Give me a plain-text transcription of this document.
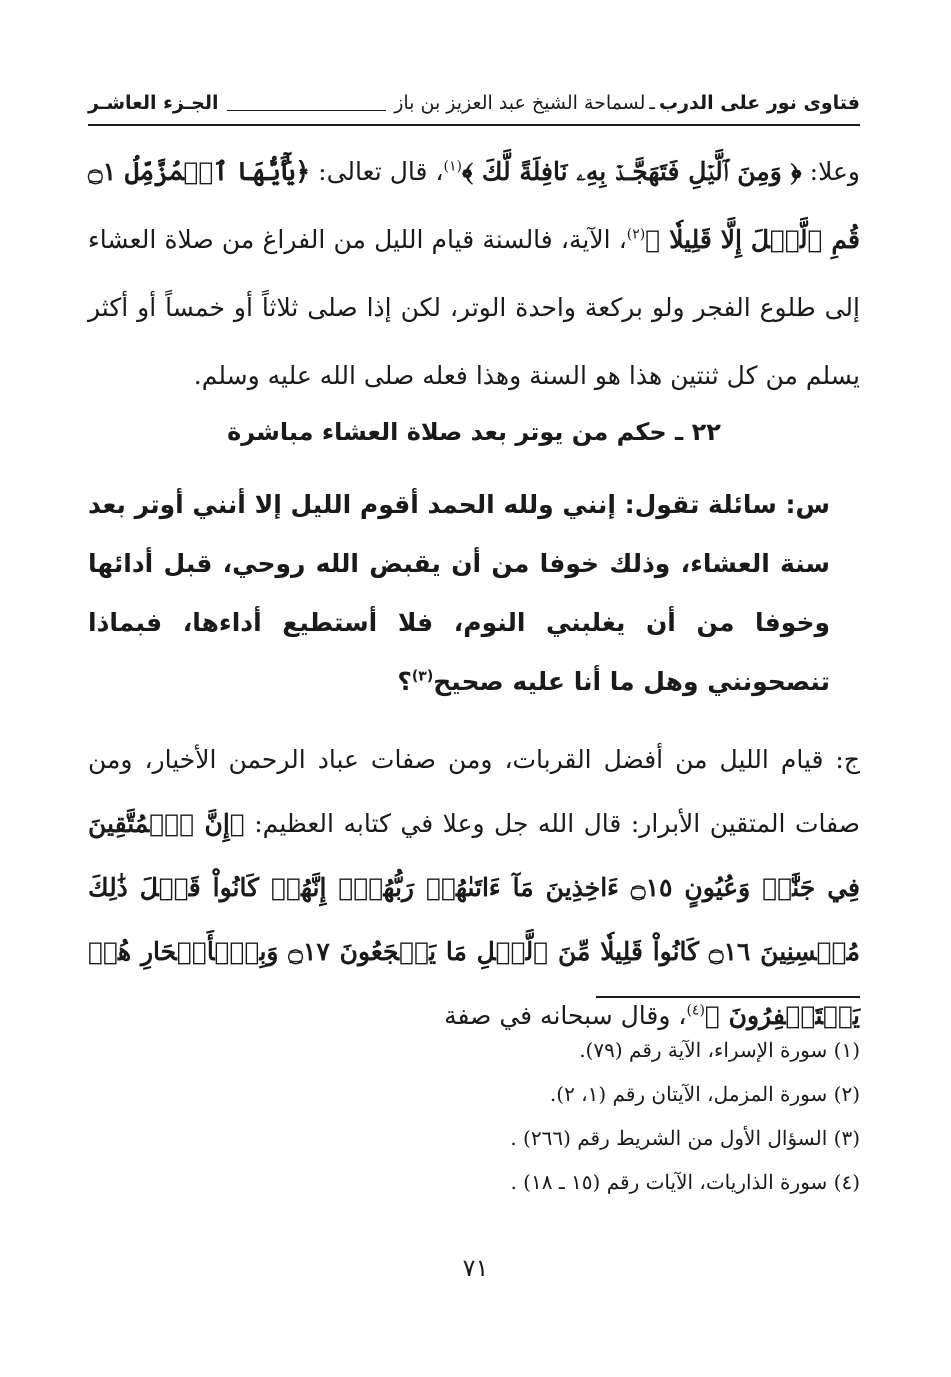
فتاوى نور على الدرب
ـ
لسماحة الشيخ عبد العزيز بن باز
الجـزء العاشـر
وعلا: ﴿ وَمِنَ ٱلَّيۡلِ فَتَهَجَّـدۡ بِهِۦ نَافِلَةً لَّكَ ﴾$^{(١)}$، قال تعالى: ﴿يَٰٓأَيُّهَا ٱلۡمُزَّمِّلُ ۝١ قُمِ ٱلَّيۡلَ إِلَّا قَلِيلٗا ﴾$^{(٢)}$، الآية، فالسنة قيام الليل من الفراغ من صلاة العشاء إلى طلوع الفجر ولو بركعة واحدة الوتر، لكن إذا صلى ثلاثاً أو خمساً أو أكثر يسلم من كل ثنتين هذا هو السنة وهذا فعله صلى الله عليه وسلم.
٢٢ ـ حكم من يوتر بعد صلاة العشاء مباشرة
س: سائلة تقول: إنني ولله الحمد أقوم الليل إلا أنني أوتر بعد سنة العشاء، وذلك خوفا من أن يقبض الله روحي، قبل أدائها وخوفا من أن يغلبني النوم، فلا أستطيع أداءها، فبماذا تنصحونني وهل ما أنا عليه صحيح$^{(٣)}$؟
ج: قيام الليل من أفضل القربات، ومن صفات عباد الرحمن الأخيار، ومن صفات المتقين الأبرار: قال الله جل وعلا في كتابه العظيم: ﴿إِنَّ ٱلۡمُتَّقِينَ فِي جَنَّٰتٖ وَعُيُونٍ ۝١٥ ءَاخِذِينَ مَآ ءَاتَىٰهُمۡ رَبُّهُمۡۚ إِنَّهُمۡ كَانُواْ قَبۡلَ ذَٰلِكَ مُحۡسِنِينَ ۝١٦ كَانُواْ قَلِيلٗا مِّنَ ٱلَّيۡلِ مَا يَهۡجَعُونَ ۝١٧ وَبِٱلۡأَسۡحَارِ هُمۡ يَسۡتَغۡفِرُونَ ﴾$^{(٤)}$، وقال سبحانه في صفة
(١) سورة الإسراء، الآية رقم (٧٩).
(٢) سورة المزمل، الآيتان رقم (١، ٢).
(٣) السؤال الأول من الشريط رقم (٢٦٦) .
(٤) سورة الذاريات، الآيات رقم (١٥ ـ ١٨) .
٧١
